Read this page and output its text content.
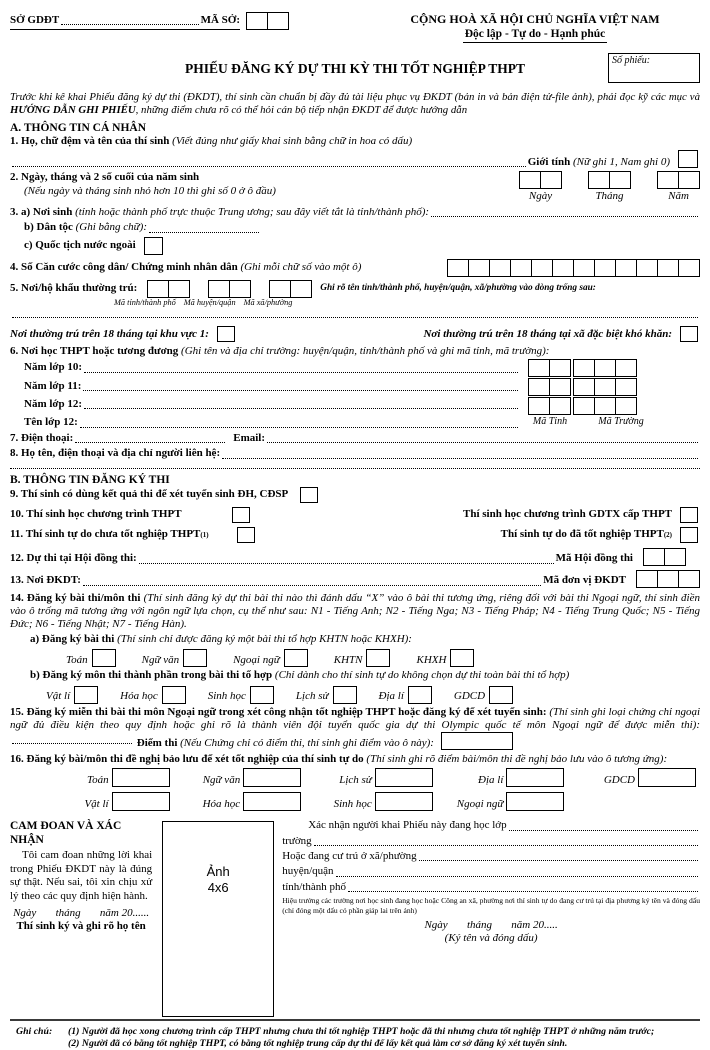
SỞ GDĐT	MÃ SỞ:	CỘNG HOÀ XÃ HỘI CHỦ NGHĨA VIỆT NAM
Độc lập - Tự do - Hạnh phúc
PHIẾU ĐĂNG KÝ DỰ THI KỲ THI TỐT NGHIỆP THPT
Số phiếu:
Trước khi kê khai Phiếu đăng ký dự thi (ĐKDT), thí sinh cần chuẩn bị đầy đủ tài liệu phục vụ ĐKDT (bản in và bản điện tử-file ảnh), phải đọc kỹ các mục và HƯỚNG DẪN GHI PHIẾU, những điểm chưa rõ có thể hỏi cán bộ tiếp nhận ĐKDT để được hướng dẫn
A. THÔNG TIN CÁ NHÂN
1. Họ, chữ đệm và tên của thí sinh (Viết đúng như giấy khai sinh bằng chữ in hoa có dấu)
Giới tính
(Nữ ghi 1, Nam ghi 0)
2. Ngày, tháng và 2 số cuối của năm sinh
(Nếu ngày và tháng sinh nhỏ hơn 10 thì ghi số 0 ở ô đầu)	Ngày	Tháng	Năm
3. a) Nơi sinh
(tỉnh hoặc thành phố trực thuộc Trung ương; sau đây viết tắt là tỉnh/thành phố):
b) Dân tộc
(Ghi bằng chữ):
c) Quốc tịch nước ngoài
4. Số Căn cước công dân/ Chứng minh nhân dân
(Ghi mỗi chữ số vào một ô)
5. Nơi/hộ khẩu thường trú:	Ghi rõ tên tỉnh/thành phố, huyện/quận, xã/phường vào dòng trống sau:
Mã tỉnh/thành phố Mã huyện/quận Mã xã/phường
Nơi thường trú trên 18 tháng tại khu vực 1:	Nơi thường trú trên 18 tháng tại xã đặc biệt khó khăn:
6. Nơi học THPT hoặc tương đương (Ghi tên và địa chỉ trường: huyện/quận, tỉnh/thành phố và ghi mã tỉnh, mã trường):
Năm lớp 10:
Năm lớp 11:
Năm lớp 12:
Tên lớp 12:	Mã Tỉnh	Mã Trường
7. Điện thoại:	Email:
8. Họ tên, điện thoại và địa chỉ người liên hệ:
B. THÔNG TIN ĐĂNG KÝ THI
9. Thí sinh có dùng kết quả thi để xét tuyển sinh ĐH, CĐSP
10. Thí sinh học chương trình THPT	Thí sinh học chương trình GDTX cấp THPT
11. Thí sinh tự do chưa tốt nghiệp THPT (1)	Thí sinh tự do đã tốt nghiệp THPT (2)
12. Dự thi tại Hội đồng thi:	Mã Hội đồng thi
13. Nơi ĐKDT:	Mã đơn vị ĐKDT
14. Đăng ký bài thi/môn thi (Thí sinh đăng ký dự thi bài thi nào thì đánh dấu “X” vào ô bài thi tương ứng, riêng đối với bài thi Ngoại ngữ, thí sinh điền vào ô trống mã tương ứng với ngôn ngữ lựa chọn, cụ thể như sau: N1 - Tiếng Anh; N2 - Tiếng Nga; N3 - Tiếng Pháp; N4 - Tiếng Trung Quốc; N5 - Tiếng Đức; N6 - Tiếng Nhật; N7 - Tiếng Hàn).
a) Đăng ký bài thi (Thí sinh chỉ được đăng ký một bài thi tổ hợp KHTN hoặc KHXH):
Toán	Ngữ văn	Ngoại ngữ	KHTN	KHXH
b) Đăng ký môn thi thành phần trong bài thi tổ hợp (Chỉ dành cho thí sinh tự do không chọn dự thi toàn bài thi tổ hợp)
Vật lí	Hóa học	Sinh học	Lịch sử	Địa lí	GDCD
15. Đăng ký miễn thi bài thi môn Ngoại ngữ trong xét công nhận tốt nghiệp THPT hoặc đăng ký để xét tuyển sinh: (Thí sinh ghi loại chứng chỉ ngoại ngữ đủ điều kiện theo quy định hoặc ghi rõ là thành viên đội tuyển quốc gia dự thi Olympic quốc tế môn Ngoại ngữ để được miễn thi):  Điểm thi (Nếu Chứng chỉ có điểm thi, thí sinh ghi điểm vào ô này):
16. Đăng ký bài/môn thi đề nghị bảo lưu để xét tốt nghiệp của thí sinh tự do (Thí sinh ghi rõ điểm bài/môn thi đề nghị bảo lưu vào ô tương ứng):
Toán	Ngữ văn	Lịch sử	Địa lí	GDCD
Vật lí	Hóa học	Sinh học	Ngoại ngữ
CAM ĐOAN VÀ XÁC NHẬN
Tôi cam đoan những lời khai trong Phiếu ĐKDT này là đúng sự thật. Nếu sai, tôi xin chịu xử lý theo các quy định hiện hành.
Ngày       tháng       năm 20......
Thí sinh ký và ghi rõ họ tên
Ảnh
4x6
Xác nhận người khai Phiếu này đang học lớp
trường
Hoặc đang cư trú ở xã/phường
huyện/quận
tỉnh/thành phố
Hiệu trưởng các trường nơi học sinh đang học hoặc Công an xã, phường nơi thí sinh tự do đang cư trú tại địa phương ký tên và đóng dấu (chỉ đóng một dấu có phần giáp lai trên ảnh)
Ngày       tháng       năm 20.....
(Ký tên và đóng dấu)
Ghi chú:	(1) Người đã học xong chương trình cấp THPT nhưng chưa thi tốt nghiệp THPT hoặc đã thi nhưng chưa tốt nghiệp THPT ở những năm trước;
(2) Người đã có bằng tốt nghiệp THPT, có bằng tốt nghiệp trung cấp dự thi để lấy kết quả làm cơ sở đăng ký xét tuyển sinh.
